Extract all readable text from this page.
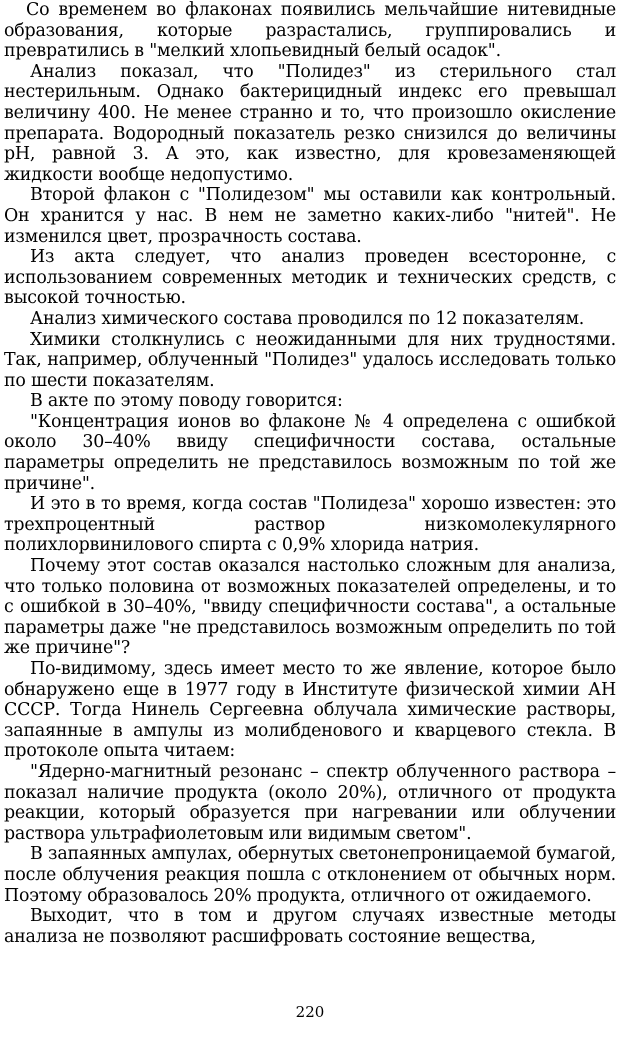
Со временем во флаконах появились мельчайшие нитевидные образования, которые разрастались, группировались и превратились в "мелкий хлопьевидный белый осадок".

Анализ показал, что "Полидез" из стерильного стал нестерильным. Однако бактерицидный индекс его превышал величину 400. Не менее странно и то, что произошло окисление препарата. Водородный показатель резко снизился до величины pH, равной 3. А это, как известно, для кровезаменяющей жидкости вообще недопустимо.

Второй флакон с "Полидезом" мы оставили как контрольный. Он хранится у нас. В нем не заметно каких-либо "нитей". Не изменился цвет, прозрачность состава.

Из акта следует, что анализ проведен всесторонне, с использованием современных методик и технических средств, с высокой точностью.

Анализ химического состава проводился по 12 показателям.

Химики столкнулись с неожиданными для них трудностями. Так, например, облученный "Полидез" удалось исследовать только по шести показателям.

В акте по этому поводу говорится:

"Концентрация ионов во флаконе № 4 определена с ошибкой около 30–40% ввиду специфичности состава, остальные параметры определить не представилось возможным по той же причине".

И это в то время, когда состав "Полидеза" хорошо известен: это трехпроцентный раствор низкомолекулярного полихлорвинилового спирта с 0,9% хлорида натрия.

Почему этот состав оказался настолько сложным для анализа, что только половина от возможных показателей определены, и то с ошибкой в 30–40%, "ввиду специфичности состава", а остальные параметры даже "не представилось возможным определить по той же причине"?

По-видимому, здесь имеет место то же явление, которое было обнаружено еще в 1977 году в Институте физической химии АН СССР. Тогда Нинель Сергеевна облучала химические растворы, запаянные в ампулы из молибденового и кварцевого стекла. В протоколе опыта читаем:

"Ядерно-магнитный резонанс – спектр облученного раствора – показал наличие продукта (около 20%), отличного от продукта реакции, который образуется при нагревании или облучении раствора ультрафиолетовым или видимым светом".

В запаянных ампулах, обернутых светонепроницаемой бумагой, после облучения реакция пошла с отклонением от обычных норм. Поэтому образовалось 20% продукта, отличного от ожидаемого.

Выходит, что в том и другом случаях известные методы анализа не позволяют расшифровать состояние вещества,

220
